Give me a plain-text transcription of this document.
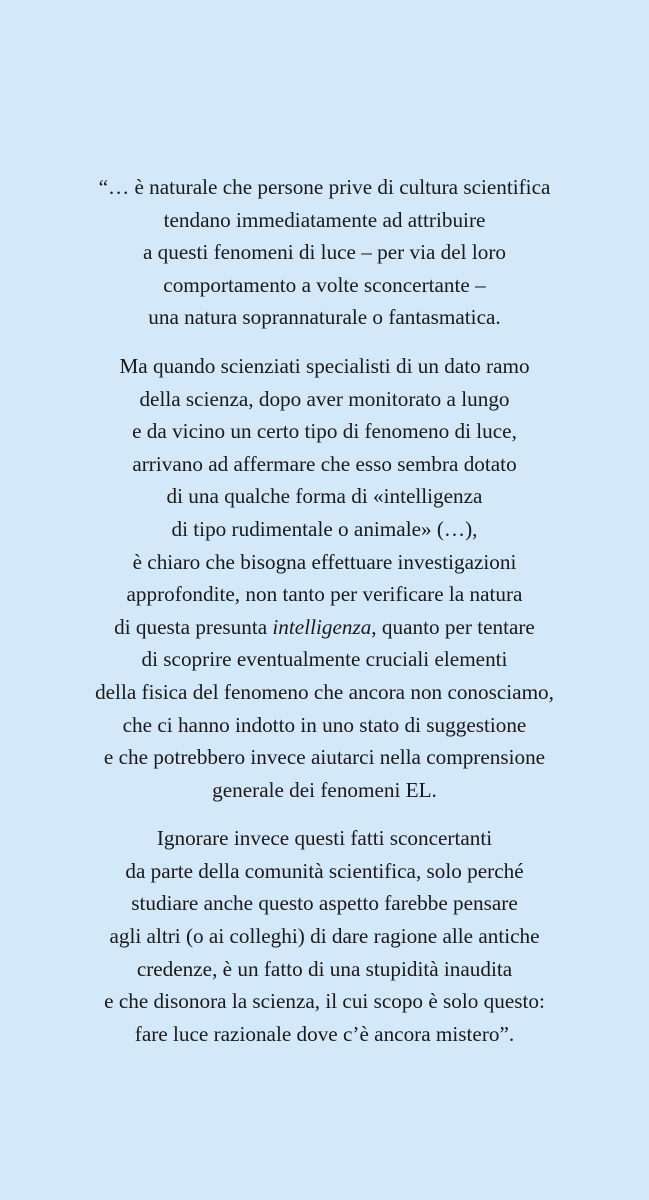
“… è naturale che persone prive di cultura scientifica
tendano immediatamente ad attribuire
a questi fenomeni di luce – per via del loro
comportamento a volte sconcertante –
una natura soprannaturale o fantasmatica.

Ma quando scienziati specialisti di un dato ramo
della scienza, dopo aver monitorato a lungo
e da vicino un certo tipo di fenomeno di luce,
arrivano ad affermare che esso sembra dotato
di una qualche forma di «intelligenza
di tipo rudimentale o animale» (…),
è chiaro che bisogna effettuare investigazioni
approfondite, non tanto per verificare la natura
di questa presunta intelligenza, quanto per tentare
di scoprire eventualmente cruciali elementi
della fisica del fenomeno che ancora non conosciamo,
che ci hanno indotto in uno stato di suggestione
e che potrebbero invece aiutarci nella comprensione
generale dei fenomeni EL.

Ignorare invece questi fatti sconcertanti
da parte della comunità scientifica, solo perché
studiare anche questo aspetto farebbe pensare
agli altri (o ai colleghi) di dare ragione alle antiche
credenze, è un fatto di una stupidità inaudita
e che disonora la scienza, il cui scopo è solo questo:
fare luce razionale dove c’è ancora mistero”.
